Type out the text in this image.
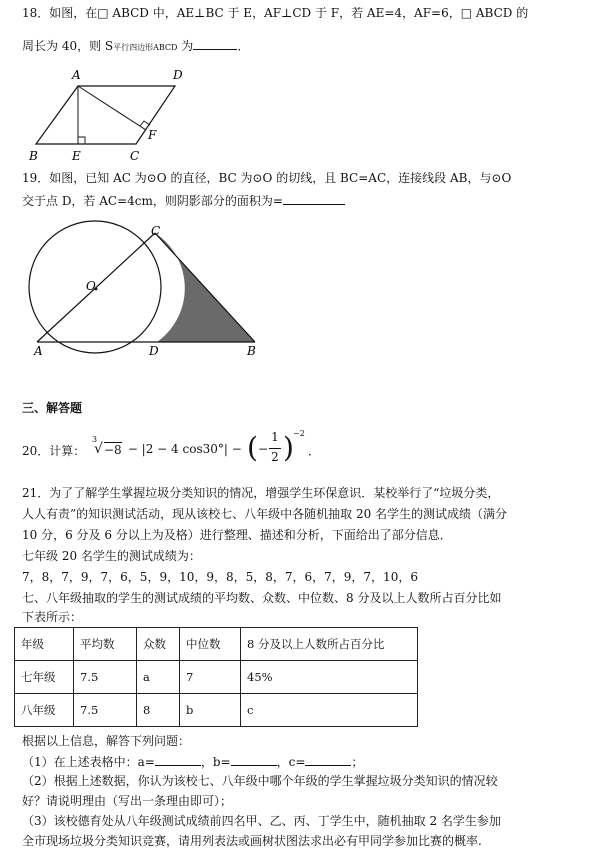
18．如图，在□ ABCD 中，AE⊥BC 于 E，AF⊥CD 于 F，若 AE=4，AF=6，□ ABCD 的
周长为 40，则 S平行四边形ABCD 为	．
A	D
B	E	C
F
19．如图，已知 AC 为⊙O 的直径，BC 为⊙O 的切线，且 BC=AC，连接线段 AB，与⊙O
交于点 D，若 AC=4cm，则阴影部分的面积为=
C
O
A	D	B
三、解答题
20．计算：
3
√ −8 − |2 − 4 cos30°| − ( −
1
2 ) −2
．
21．为了了解学生掌握垃圾分类知识的情况，增强学生环保意识．某校举行了“垃圾分类，
人人有责”的知识测试活动，现从该校七、八年级中各随机抽取 20 名学生的测试成绩（满分
10 分，6 分及 6 分以上为及格）进行整理、描述和分析，下面给出了部分信息．
七年级 20 名学生的测试成绩为：
7，8，7，9，7，6，5，9，10，9，8，5，8，7，6，7，9，7，10，6
七、八年级抽取的学生的测试成绩的平均数、众数、中位数、8 分及以上人数所占百分比如
下表所示：
年级	平均数	众数	中位数	8 分及以上人数所占百分比
七年级	7.5	a	7	45%
八年级	7.5	8	b	c
根据以上信息，解答下列问题：
（1）在上述表格中：a=	，b=	，c=	；
（2）根据上述数据，你认为该校七、八年级中哪个年级的学生掌握垃圾分类知识的情况较
好？请说明理由（写出一条理由即可）；
（3）该校德育处从八年级测试成绩前四名甲、乙、丙、丁学生中，随机抽取 2 名学生参加
全市现场垃圾分类知识竞赛，请用列表法或画树状图法求出必有甲同学参加比赛的概率.
